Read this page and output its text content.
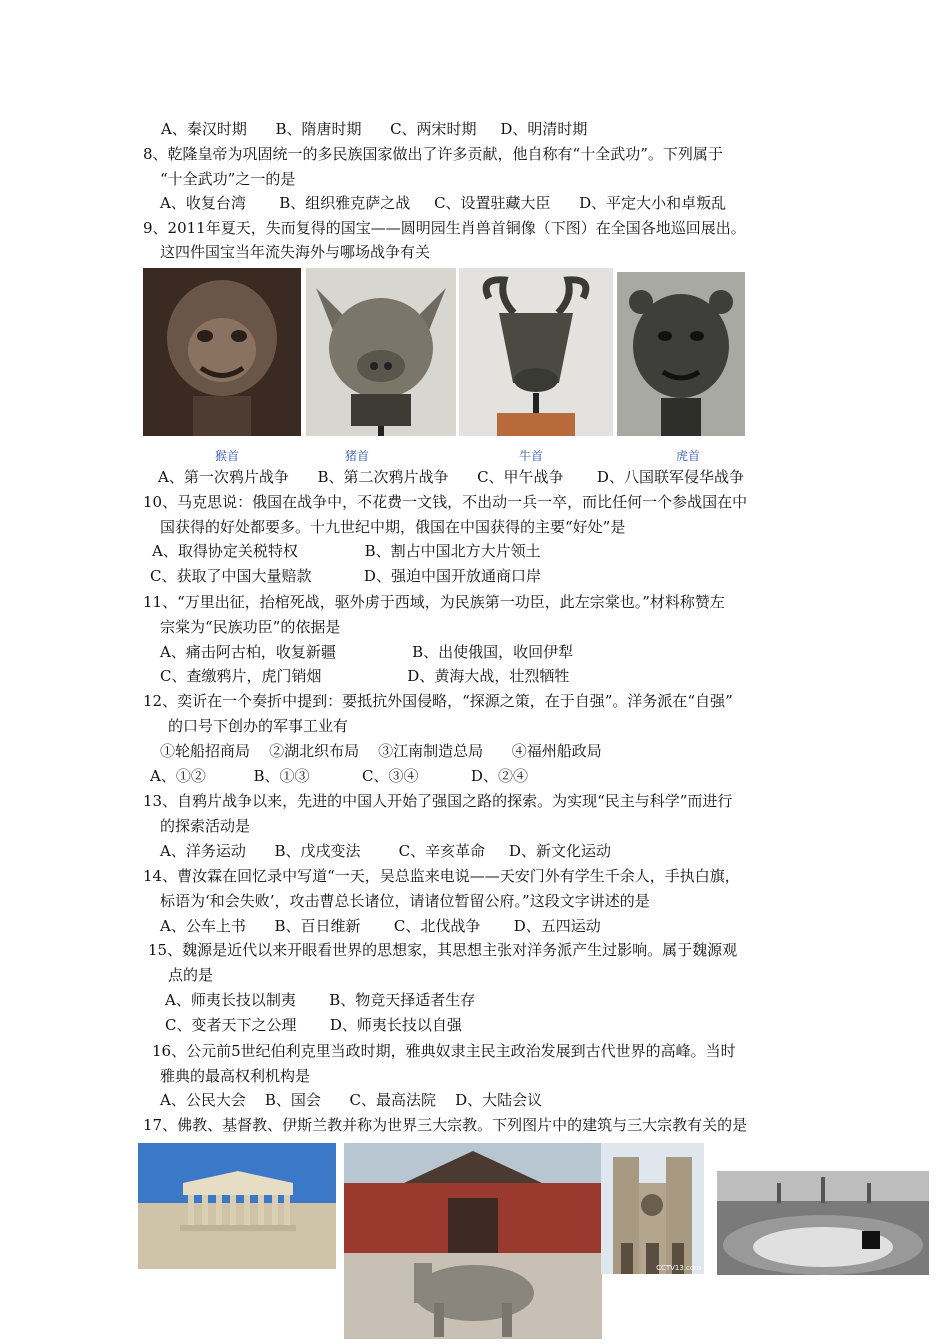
A、秦汉时期      B、隋唐时期      C、两宋时期     D、明清时期
8、乾隆皇帝为巩固统一的多民族国家做出了许多贡献，他自称有“十全武功”。下列属于
“十全武功”之一的是
A、收复台湾       B、组织雅克萨之战     C、设置驻藏大臣      D、平定大小和卓叛乱
9、2011年夏天，失而复得的国宝——圆明园生肖兽首铜像（下图）在全国各地巡回展出。
这四件国宝当年流失海外与哪场战争有关
猴首	猪首	牛首	虎首
A、第一次鸦片战争      B、第二次鸦片战争      C、甲午战争       D、八国联军侵华战争
10、马克思说：俄国在战争中，不花费一文钱，不出动一兵一卒，而比任何一个参战国在中
国获得的好处都要多。十九世纪中期，俄国在中国获得的主要“好处”是
A、取得协定关税特权              B、割占中国北方大片领土
C、获取了中国大量赔款           D、强迫中国开放通商口岸
11、“万里出征，抬棺死战，驱外虏于西域，为民族第一功臣，此左宗棠也。”材料称赞左
宗棠为“民族功臣”的依据是
A、痛击阿古柏，收复新疆                B、出使俄国，收回伊犁
C、查缴鸦片，虎门销烟                  D、黄海大战，壮烈牺牲
12、奕䜣在一个奏折中提到：要抵抗外国侵略，“探源之策，在于自强”。洋务派在“自强”
的口号下创办的军事工业有
①轮船招商局    ②湖北织布局    ③江南制造总局      ④福州船政局
A、①②          B、①③           C、③④           D、②④
13、自鸦片战争以来，先进的中国人开始了强国之路的探索。为实现“民主与科学”而进行
的探索活动是
A、洋务运动      B、戊戌变法        C、辛亥革命     D、新文化运动
14、曹汝霖在回忆录中写道“一天，吴总监来电说——天安门外有学生千余人，手执白旗，
标语为‘和会失败’，攻击曹总长诸位，请诸位暂留公府。”这段文字讲述的是
A、公车上书      B、百日维新       C、北伐战争       D、五四运动
15、魏源是近代以来开眼看世界的思想家，其思想主张对洋务派产生过影响。属于魏源观
点的是
A、师夷长技以制夷       B、物竞天择适者生存
C、变者天下之公理       D、师夷长技以自强
16、公元前5世纪伯利克里当政时期，雅典奴隶主民主政治发展到古代世界的高峰。当时
雅典的最高权利机构是
A、公民大会    B、国会      C、最高法院    D、大陆会议
17、佛教、基督教、伊斯兰教并称为世界三大宗教。下列图片中的建筑与三大宗教有关的是
CCTV13.com
